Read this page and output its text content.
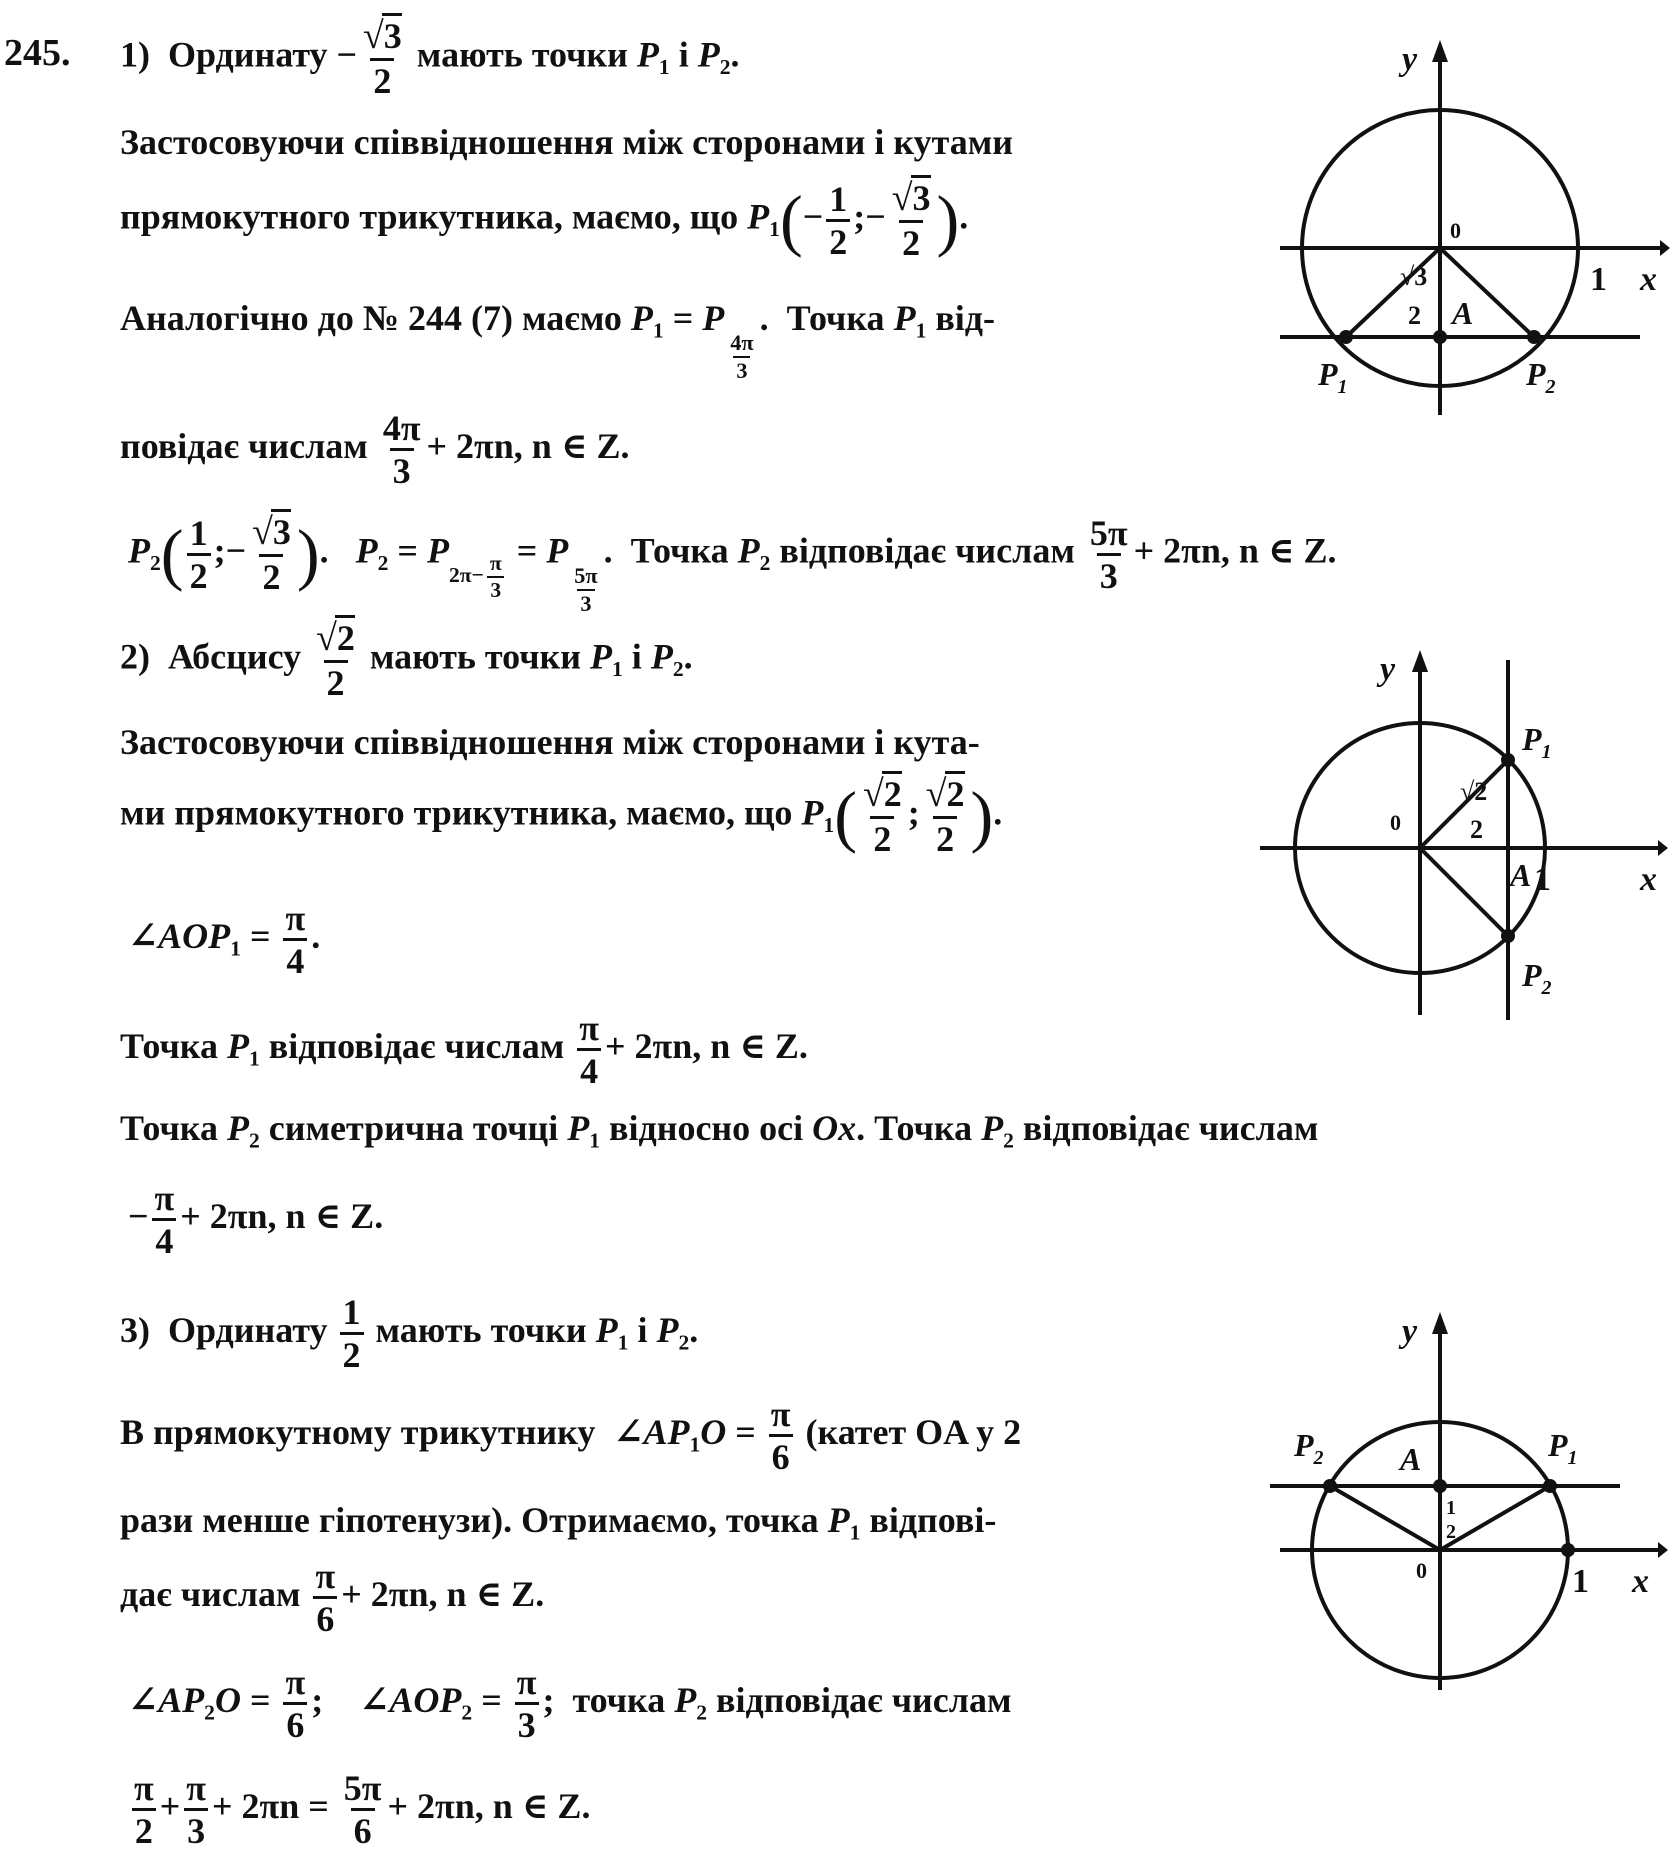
245. 1) Ординату − $\frac{√3}{2}$ мають точки $P_1$ і $P_2$.
Застосовуючи співвідношення між сторонами і кутами
прямокутного трикутника, маємо, що $P_1(- \frac{1}{2}$ ;− $\frac{√3}{2}$ ).
Аналогічно до № 244 (7) маємо $P_1 = P$
$\frac{4\pi}{3}$
.  Точка $P_1$ від-
повідає числам $\frac{4\pi}{3} + 2\pi n$, n ∈ Z.
$P_2( \frac{1}{2}$ ;− $\frac{√3}{2}$ ).   $P_2 = P_{2\pi- \frac{\pi}{3}}$
= P
$\frac{5\pi}{3}$
.  Точка $P_2$ відповідає числам $\frac{5\pi}{3} + 2\pi n$, n ∈ Z.
2) Абсцису $\frac{√2}{2}$ мають точки $P_1$ і $P_2$.
Застосовуючи співвідношення між сторонами і кута-
ми прямокутного трикутника, маємо, що $P_1( \frac{√2}{2}$ ; $\frac{√2}{2}$ ).
$\angle AOP_1 = \frac{\pi}{4}$ .
Точка $P_1$ відповідає числам $\frac{\pi}{4} + 2\pi n$, n ∈ Z.
Точка $P_2$ симетрична точці $P_1$ відносно осі Ox. Точка $P_2$ відповідає числам
− $\frac{\pi}{4} + 2\pi n$, n ∈ Z.
3) Ординату $\frac{1}{2}$ мають точки $P_1$ і $P_2$.
В прямокутному трикутнику $\angle AP_1O = \frac{\pi}{6}$ (катет OA у 2
рази менше гіпотенузи). Отримаємо, точка $P_1$ відпові-
дає числам $\frac{\pi}{6} + 2\pi n$, n ∈ Z.
$\angle AP_2O = \frac{\pi}{6}$ ; $\angle AOP_2 = \frac{\pi}{3}$ ; точка $P_2$ відповідає числам
$\frac{\pi}{2} + \frac{\pi}{3} + 2\pi n = \frac{5\pi}{6} + 2\pi n$, n ∈ Z.
y
x
0
1
A
√3
2
$P_1$	$P_2$
y
x
0
1
A
√2
2
$P_1$
$P_2$
y
x
0	1
A
1
2
$P_2$	$P_1$
